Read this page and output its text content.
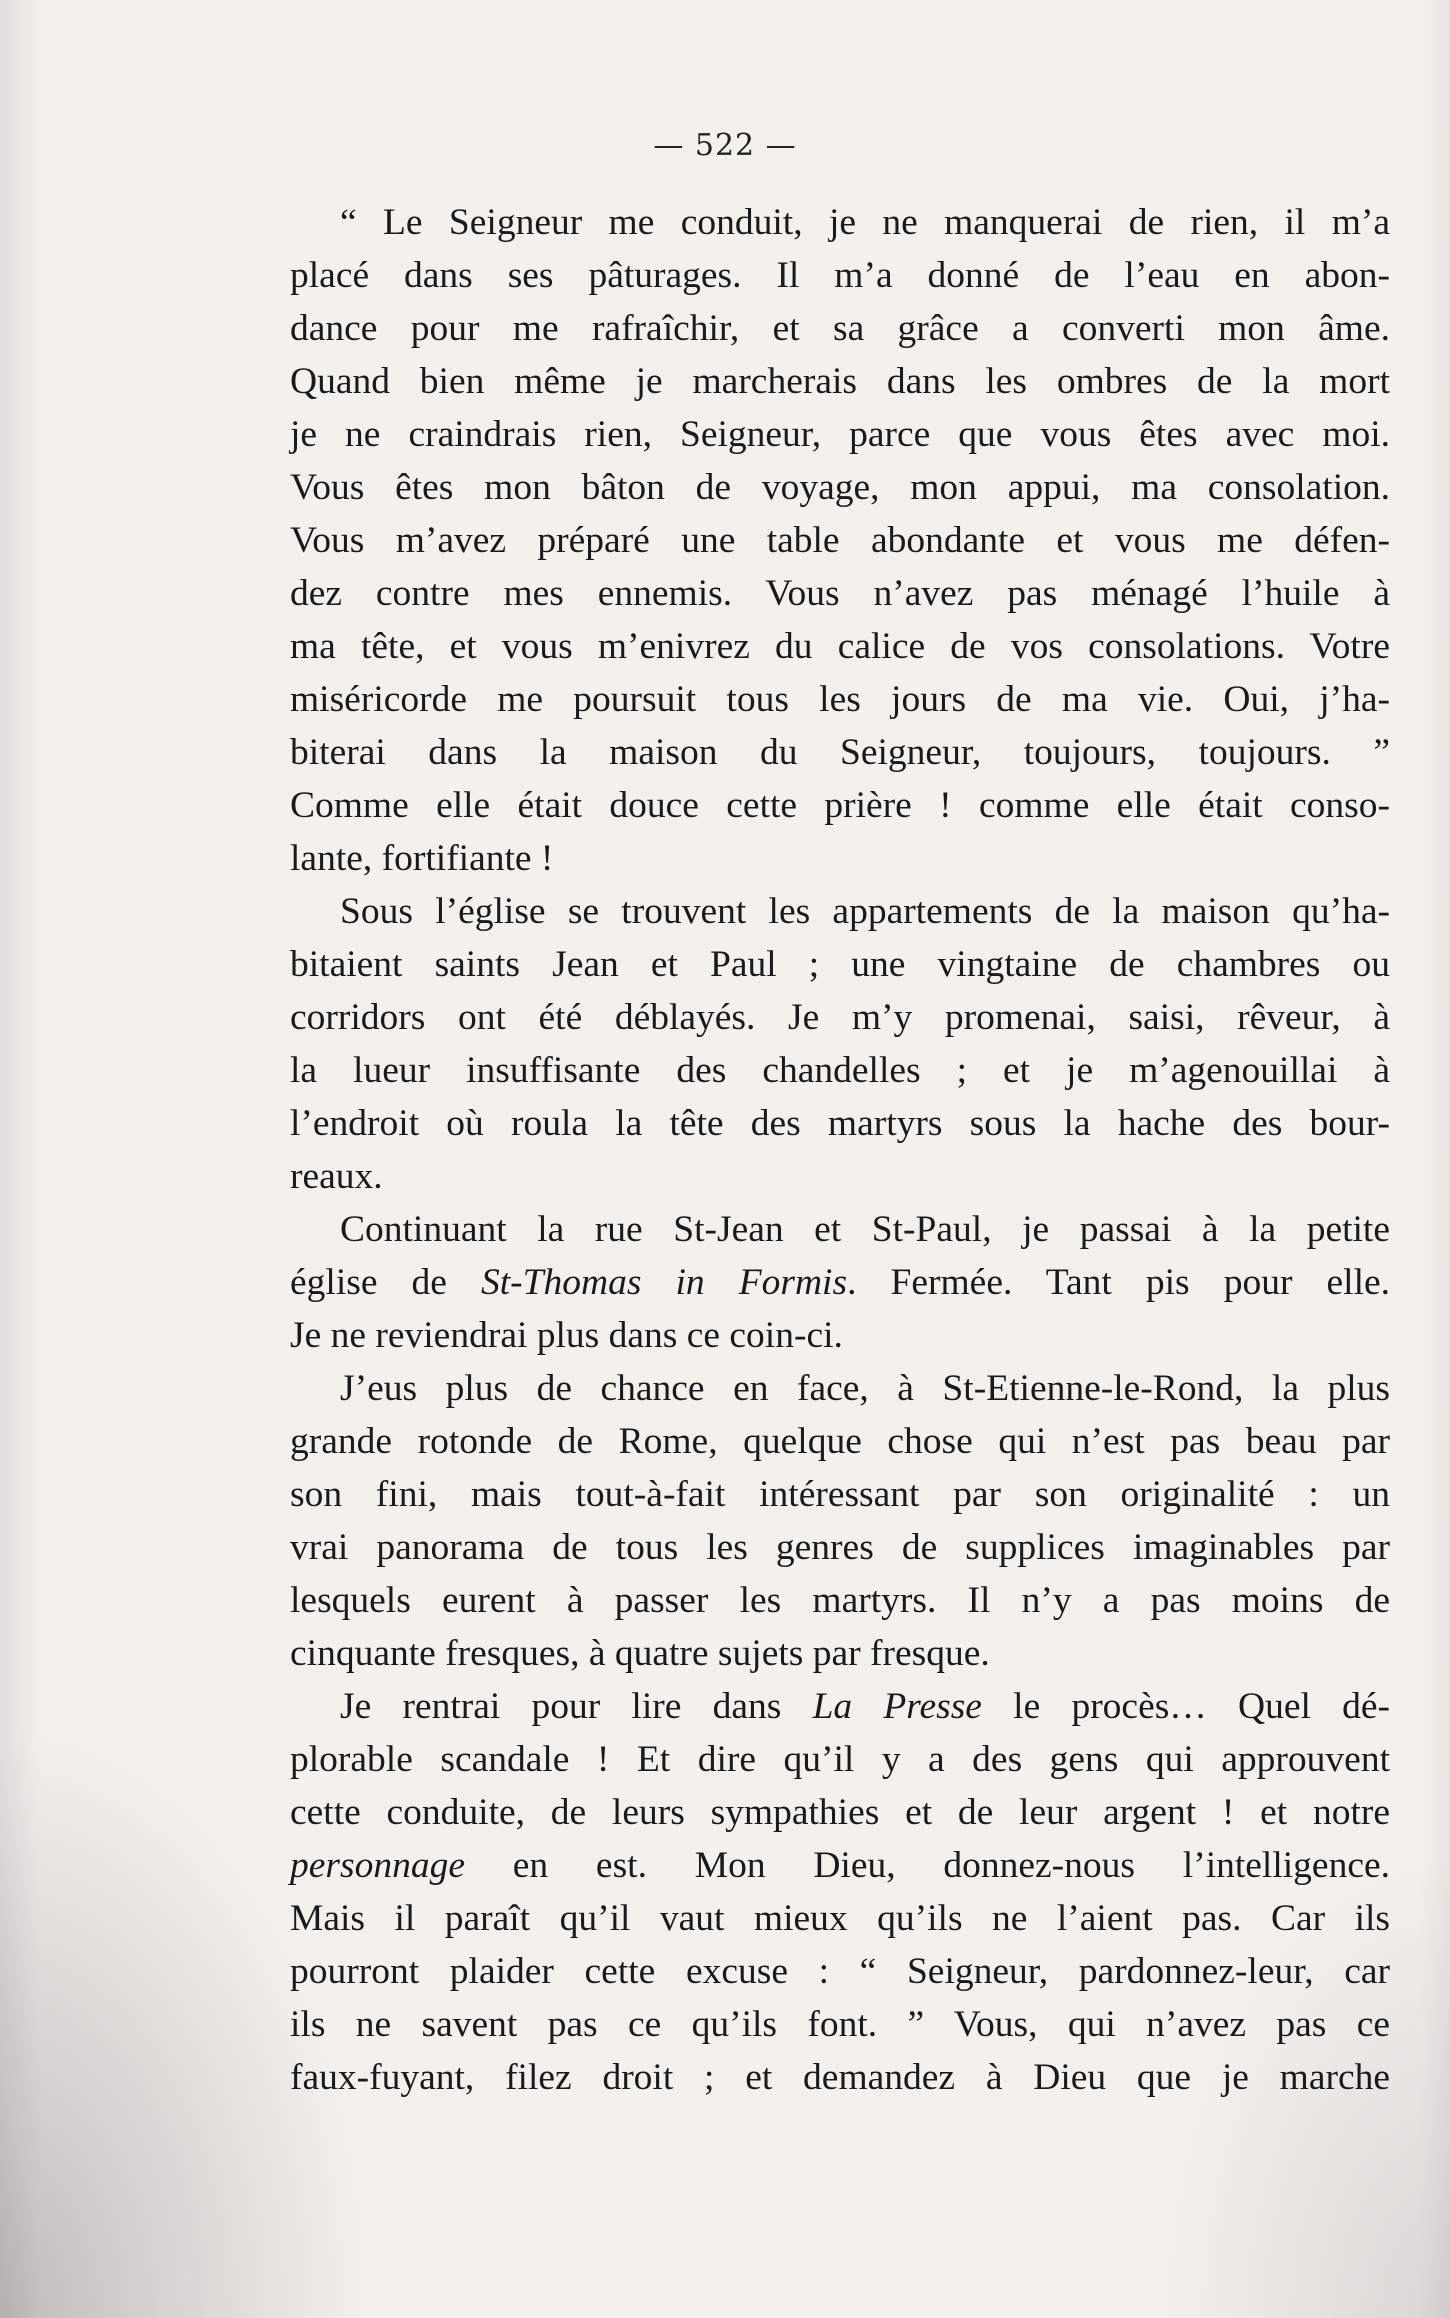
— 522 —

“ Le Seigneur me conduit, je ne manquerai de rien, il m’a
placé dans ses pâturages. Il m’a donné de l’eau en abon-
dance pour me rafraîchir, et sa grâce a converti mon âme.
Quand bien même je marcherais dans les ombres de la mort
je ne craindrais rien, Seigneur, parce que vous êtes avec moi.
Vous êtes mon bâton de voyage, mon appui, ma consolation.
Vous m’avez préparé une table abondante et vous me défen-
dez contre mes ennemis. Vous n’avez pas ménagé l’huile à
ma tête, et vous m’enivrez du calice de vos consolations. Votre
miséricorde me poursuit tous les jours de ma vie. Oui, j’ha-
biterai dans la maison du Seigneur, toujours, toujours. ”
Comme elle était douce cette prière ! comme elle était conso-
lante, fortifiante !

Sous l’église se trouvent les appartements de la maison qu’ha-
bitaient saints Jean et Paul ; une vingtaine de chambres ou
corridors ont été déblayés. Je m’y promenai, saisi, rêveur, à
la lueur insuffisante des chandelles ; et je m’agenouillai à
l’endroit où roula la tête des martyrs sous la hache des bour-
reaux.

Continuant la rue St-Jean et St-Paul, je passai à la petite
église de St-Thomas in Formis. Fermée. Tant pis pour elle.
Je ne reviendrai plus dans ce coin-ci.

J’eus plus de chance en face, à St-Etienne-le-Rond, la plus
grande rotonde de Rome, quelque chose qui n’est pas beau par
son fini, mais tout-à-fait intéressant par son originalité : un
vrai panorama de tous les genres de supplices imaginables par
lesquels eurent à passer les martyrs. Il n’y a pas moins de
cinquante fresques, à quatre sujets par fresque.

Je rentrai pour lire dans La Presse le procès… Quel dé-
plorable scandale ! Et dire qu’il y a des gens qui approuvent
cette conduite, de leurs sympathies et de leur argent ! et notre
personnage en est. Mon Dieu, donnez-nous l’intelligence.
Mais il paraît qu’il vaut mieux qu’ils ne l’aient pas. Car ils
pourront plaider cette excuse : “ Seigneur, pardonnez-leur, car
ils ne savent pas ce qu’ils font. ” Vous, qui n’avez pas ce
faux-fuyant, filez droit ; et demandez à Dieu que je marche
